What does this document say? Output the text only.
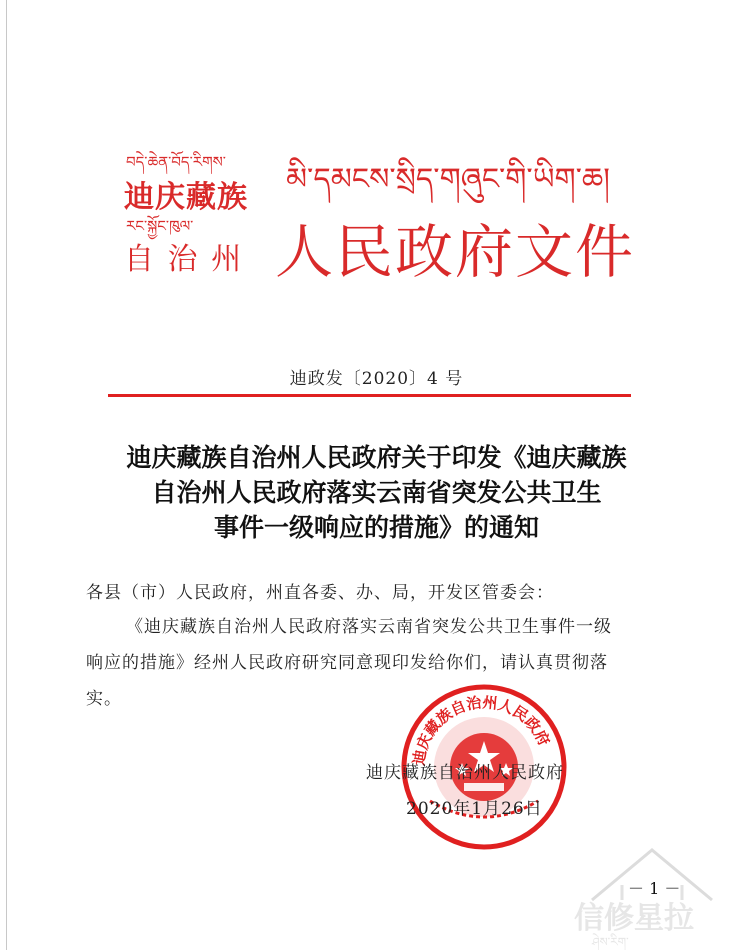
བདེ་ཆེན་བོད་རིགས་
迪庆藏族
རང་སྐྱོང་ཁུལ་
自 治 州
མི་དམངས་སྲིད་གཞུང་གི་ཡིག་ཆ།
人民政府文件
迪政发〔2020〕4 号
迪庆藏族自治州人民政府关于印发《迪庆藏族
自治州人民政府落实云南省突发公共卫生
事件一级响应的措施》的通知
各县（市）人民政府，州直各委、办、局，开发区管委会：
《迪庆藏族自治州人民政府落实云南省突发公共卫生事件一级
响应的措施》经州人民政府研究同意现印发给你们，请认真贯彻落
实。
迪庆藏族自治州人民政府
迪庆藏族自治州人民政府
2020年1月26日
－ 1 －
信修星拉
ཤེས་རིག་
